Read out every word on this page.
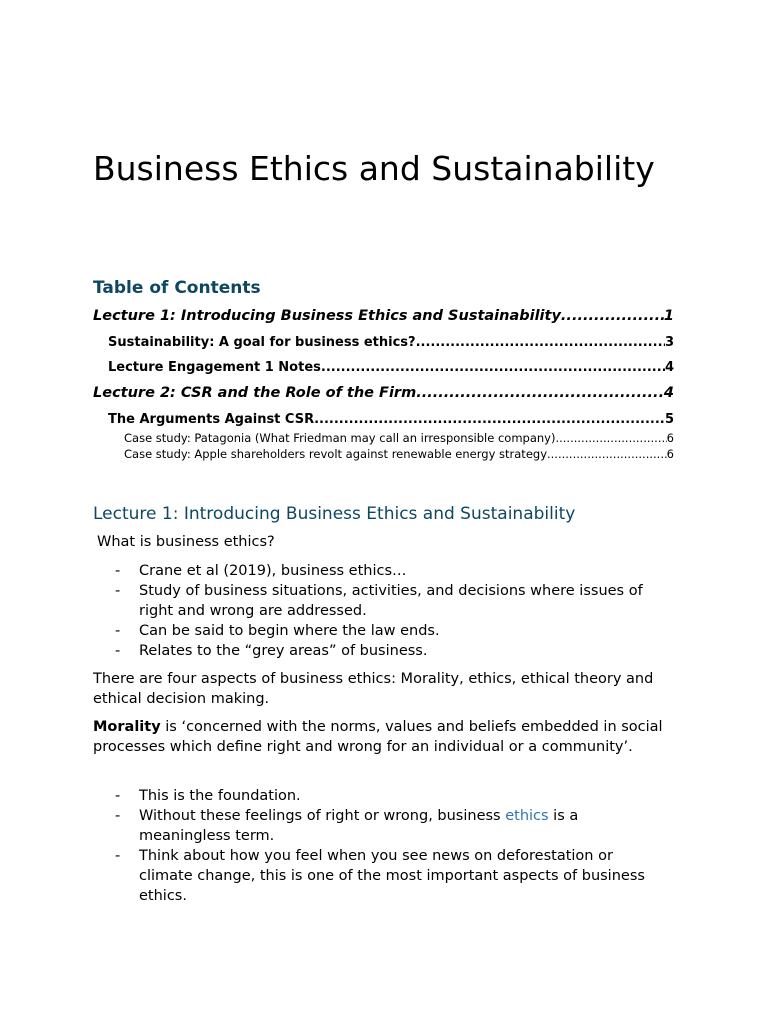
Business Ethics and Sustainability
Table of Contents
Lecture 1: Introducing Business Ethics and Sustainability .....	1
Sustainability: A goal for business ethics? .....	3
Lecture Engagement 1 Notes .....	4
Lecture 2: CSR and the Role of the Firm .....	4
The Arguments Against CSR .....	5
Case study: Patagonia (What Friedman may call an irresponsible company) .....	6
Case study: Apple shareholders revolt against renewable energy strategy .....	6
Lecture 1: Introducing Business Ethics and Sustainability

What is business ethics?

- Crane et al (2019), business ethics…
- Study of business situations, activities, and decisions where issues of right and wrong are addressed.
- Can be said to begin where the law ends.
- Relates to the “grey areas” of business.

There are four aspects of business ethics: Morality, ethics, ethical theory and ethical decision making.

Morality is ‘concerned with the norms, values and beliefs embedded in social processes which define right and wrong for an individual or a community’.

- This is the foundation.
- Without these feelings of right or wrong, business ethics is a meaningless term.
- Think about how you feel when you see news on deforestation or climate change, this is one of the most important aspects of business ethics.
